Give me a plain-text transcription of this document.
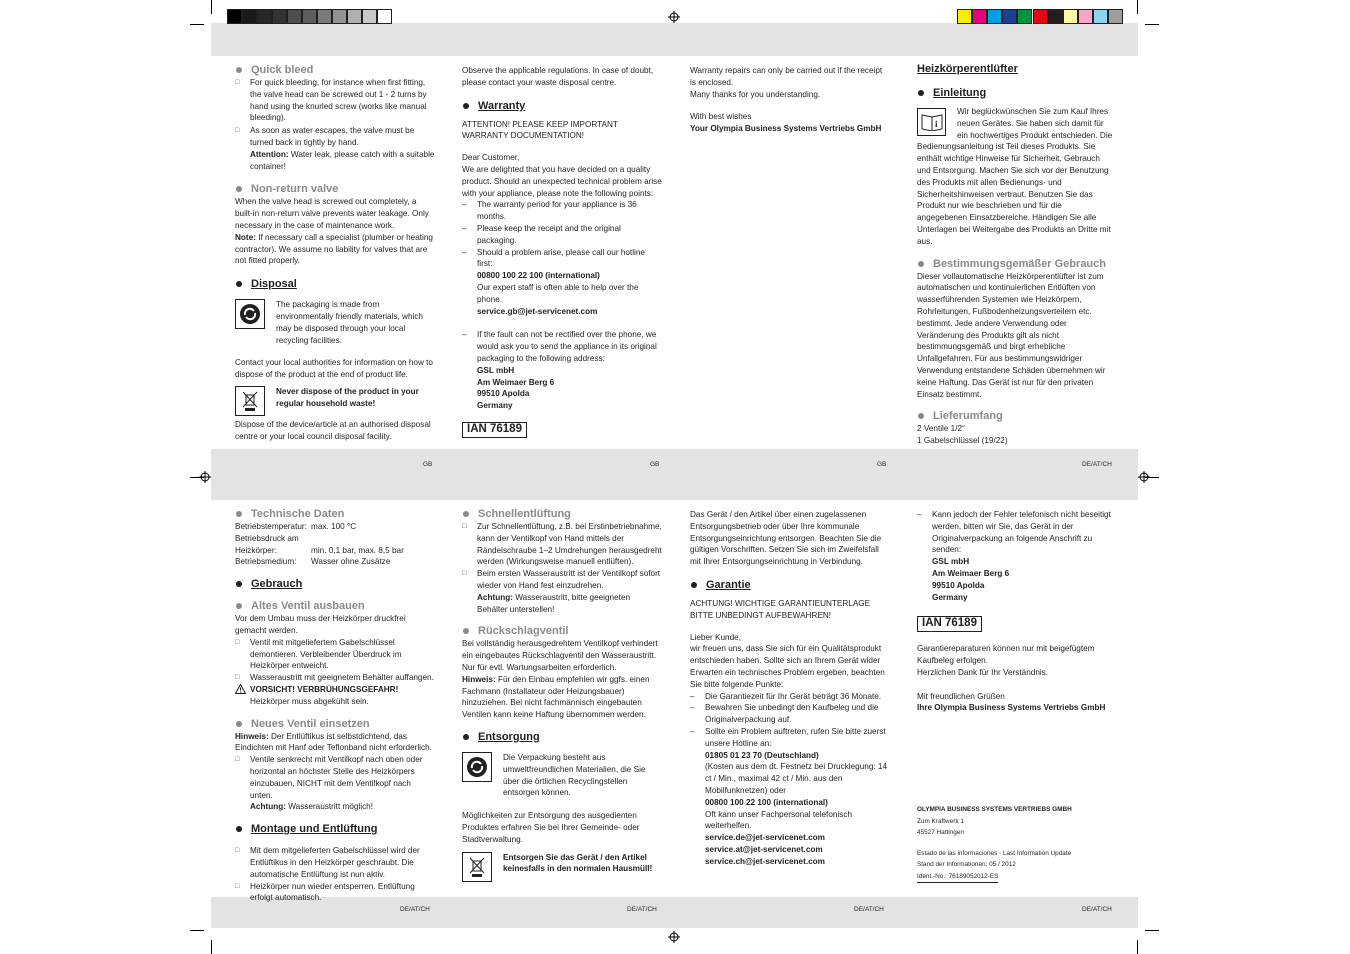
GB	GB	GB	DE/AT/CH
DE/AT/CH	DE/AT/CH	DE/AT/CH	DE/AT/CH
Quick bleed
□	For quick bleeding, for instance when first fitting, the valve head can be screwed out 1 - 2 turns by hand using the knurled screw (works like manual bleeding).

□	As soon as water escapes, the valve must be turned back in tightly by hand.
Attention: Water leak, please catch with a suitable container!

Non-return valve

When the valve head is screwed out completely, a built-in non-return valve prevents water leakage. Only necessary in the case of maintenance work.
Note: If necessary call a specialist (plumber or heating contractor). We assume no liability for valves that are not fitted properly.

Disposal

The packaging is made from environmentally friendly materials, which may be disposed through your local recycling facilities.

Contact your local authorities for information on how to dispose of the product at the end of product life.

Never dispose of the product in your regular household waste!

Dispose of the device/article at an authorised disposal centre or your local council disposal facility.

Observe the applicable regulations. In case of doubt, please contact your waste disposal centre.

Warranty

ATTENTION! PLEASE KEEP IMPORTANT WARRANTY DOCUMENTATION!

Dear Customer,

We are delighted that you have decided on a quality product. Should an unexpected technical problem arise with your appliance, please note the following points:

–	The warranty period for your appliance is 36 months.

–	Please keep the receipt and the original packaging.

–	Should a problem arise, please call our hotline first:
00800 100 22 100 (international)
Our expert staff is often able to help over the phone.
service.gb@jet-servicenet.com

–	If the fault can not be rectified over the phone, we would ask you to send the appliance in its original packaging to the following address:
GSL mbH
Am Weimaer Berg 6
99510 Apolda
Germany

IAN 76189

Warranty repairs can only be carried out if the receipt is enclosed.

Many thanks for you understanding.

With best wishes

Your Olympia Business Systems Vertriebs GmbH

Heizkörperentlüfter
Einleitung
i

Wir beglückwünschen Sie zum Kauf Ihres neuen Gerätes. Sie haben sich damit für ein hochwertiges Produkt entschieden. Die

Bedienungsanleitung ist Teil dieses Produkts. Sie enthält wichtige Hinweise für Sicherheit, Gebrauch und Entsorgung. Machen Sie sich vor der Benutzung des Produkts mit allen Bedienungs- und Sicherheitshinweisen vertraut. Benutzen Sie das Produkt nur wie beschrieben und für die angegebenen Einsatzbereiche. Händigen Sie alle Unterlagen bei Weitergabe des Produkts an Dritte mit aus.

Bestimmungsgemäßer Gebrauch

Dieser vollautomatische Heizkörperentlüfter ist zum automatischen und kontinuierlichen Entlüften von wasserführenden Systemen wie Heizkörpern, Rohrleitungen, Fußbodenheizungsverteilern etc. bestimmt. Jede andere Verwendung oder Veränderung des Produkts gilt als nicht bestimmungsgemäß und birgt erhebliche Unfallgefahren. Für aus bestimmungswidriger Verwendung entstandene Schäden übernehmen wir keine Haftung. Das Gerät ist nur für den privaten Einsatz bestimmt.

Lieferumfang

2 Ventile 1/2“

1 Gabelschlüssel (19/22)

Technische Daten
Betriebstemperatur: max. 100 °C
Betriebsdruck am
Heizkörper:	min. 0,1 bar, max. 8,5 bar
Betriebsmedium:	Wasser ohne Zusätze
Gebrauch
Altes Ventil ausbauen

Vor dem Umbau muss der Heizkörper druckfrei gemacht werden.

□	Ventil mit mitgeliefertem Gabelschlüssel demontieren. Verbleibender Überdruck im Heizkörper entweicht.

□	Wasseraustritt mit geeignetem Behälter auffangen.

VORSICHT! VERBRÜHUNGSGEFAHR!
Heizkörper muss abgekühlt sein.

Neues Ventil einsetzen

Hinweis: Der Entlüftikus ist selbstdichtend, das Eindichten mit Hanf oder Teflonband nicht erforderlich.

□	Ventile senkrecht mit Ventilkopf nach oben oder horizontal an höchster Stelle des Heizkörpers einzubauen, NICHT mit dem Ventilkopf nach unten.
Achtung: Wasseraustritt möglich!

Montage und Entlüftung
□	Mit dem mitgelieferten Gabelschlüssel wird der Entlüftikus in den Heizkörper geschraubt. Die automatische Entlüftung ist nun aktiv.

□	Heizkörper nun wieder entsperren. Entlüftung erfolgt automatisch.

Schnellentlüftung
□	Zur Schnellentlüftung, z.B. bei Erstinbetriebnahme, kann der Ventilkopf von Hand mittels der Rändelschraube 1–2 Umdrehungen herausgedreht werden (Wirkungsweise manuell entlüften).

□	Beim ersten Wasseraustritt ist der Ventilkopf sofort wieder von Hand fest einzudrehen.
Achtung: Wasseraustritt, bitte geeigneten Behälter unterstellen!

Rückschlagventil

Bei vollständig herausgedrehtem Ventilkopf verhindert ein eingebautes Rückschlagventil den Wasseraustritt. Nur für evtl. Wartungsarbeiten erforderlich.
Hinweis: Für den Einbau empfehlen wir ggfs. einen Fachmann (Installateur oder Heizungsbauer) hinzuziehen. Bei nicht fachmännisch eingebauten Ventilen kann keine Haftung übernommen werden.

Entsorgung

Die Verpackung besteht aus umweltfreundlichen Materialien, die Sie über die örtlichen Recyclingstellen entsorgen können.

Möglichkeiten zur Entsorgung des ausgedienten Produktes erfahren Sie bei Ihrer Gemeinde- oder Stadtverwaltung.

Entsorgen Sie das Gerät / den Artikel keinesfalls in den normalen Hausmüll!

Das Gerät / den Artikel über einen zugelassenen Entsorgungsbetrieb oder über Ihre kommunale Entsorgungseinrichtung entsorgen. Beachten Sie die gültigen Vorschriften. Setzen Sie sich im Zweifelsfall mit Ihrer Entsorgungseinrichtung in Verbindung.

Garantie

ACHTUNG! WICHTIGE GARANTIEUNTERLAGE BITTE UNBEDINGT AUFBEWAHREN!

Lieber Kunde,

wir freuen uns, dass Sie sich für ein Qualitätsprodukt entschieden haben. Sollte sich an Ihrem Gerät wider Erwarten ein technisches Problem ergeben, beachten Sie bitte folgende Punkte:

–	Die Garantiezeit für Ihr Gerät beträgt 36 Monate.

–	Bewahren Sie unbedingt den Kaufbeleg und die Originalverpackung auf.

–	Sollte ein Problem auftreten, rufen Sie bitte zuerst unsere Hotline an:
01805 01 23 70 (Deutschland)
(Kosten aus dem dt. Festnetz bei Drucklegung: 14 ct / Min., maximal 42 ct / Min. aus den Mobilfunknetzen) oder
00800 100 22 100 (international)
Oft kann unser Fachpersonal telefonisch weiterhelfen.
service.de@jet-servicenet.com
service.at@jet-servicenet.com
service.ch@jet-servicenet.com

–	Kann jedoch der Fehler telefonisch nicht beseitigt werden, bitten wir Sie, das Gerät in der Originalverpackung an folgende Anschrift zu senden:
GSL mbH
Am Weimaer Berg 6
99510 Apolda
Germany

IAN 76189

Garantiereparaturen können nur mit beigefügtem Kaufbeleg erfolgen.

Herzlichen Dank für Ihr Verständnis.

Mit freundlichen Grüßen

Ihre Olympia Business Systems Vertriebs GmbH

OLYMPIA BUSINESS SYSTEMS VERTRIEBS GMBH

Zum Kraftwerk 1

45527 Hattingen

Estado de las informaciones · Last Information Update

Stand der Informationen: 05 / 2012

Ident.-No.: 76189052012-ES
